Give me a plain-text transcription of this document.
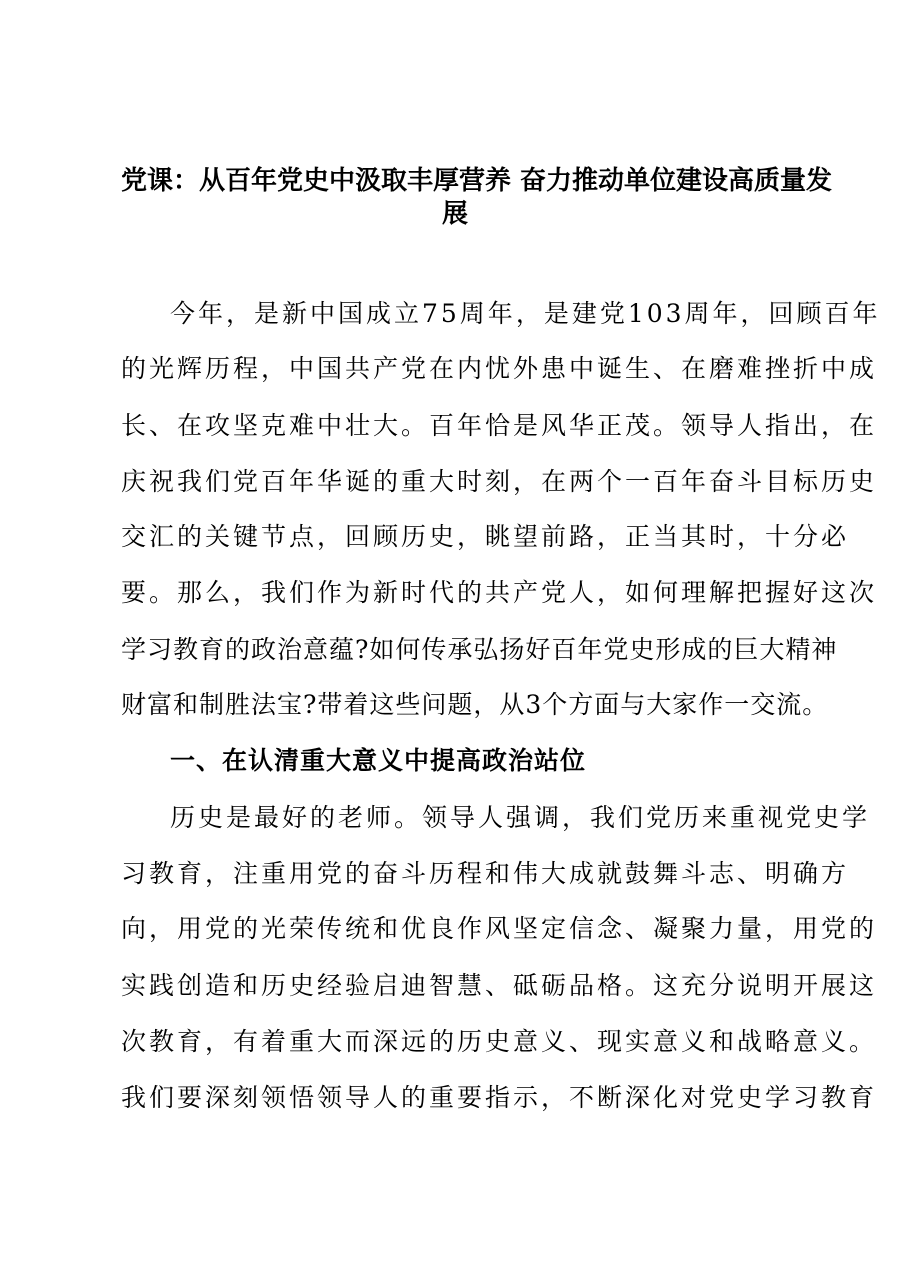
党课：从百年党史中汲取丰厚营养 奋力推动单位建设高质量发
展

今年，是新中国成立75周年，是建党103周年，回顾百年

的光辉历程，中国共产党在内忧外患中诞生、在磨难挫折中成

长、在攻坚克难中壮大。百年恰是风华正茂。领导人指出，在

庆祝我们党百年华诞的重大时刻，在两个一百年奋斗目标历史

交汇的关键节点，回顾历史，眺望前路，正当其时，十分必

要。那么，我们作为新时代的共产党人，如何理解把握好这次

学习教育的政治意蕴?如何传承弘扬好百年党史形成的巨大精神

财富和制胜法宝?带着这些问题，从3个方面与大家作一交流。

一、在认清重大意义中提高政治站位

历史是最好的老师。领导人强调，我们党历来重视党史学

习教育，注重用党的奋斗历程和伟大成就鼓舞斗志、明确方

向，用党的光荣传统和优良作风坚定信念、凝聚力量，用党的

实践创造和历史经验启迪智慧、砥砺品格。这充分说明开展这

次教育，有着重大而深远的历史意义、现实意义和战略意义。

我们要深刻领悟领导人的重要指示，不断深化对党史学习教育
